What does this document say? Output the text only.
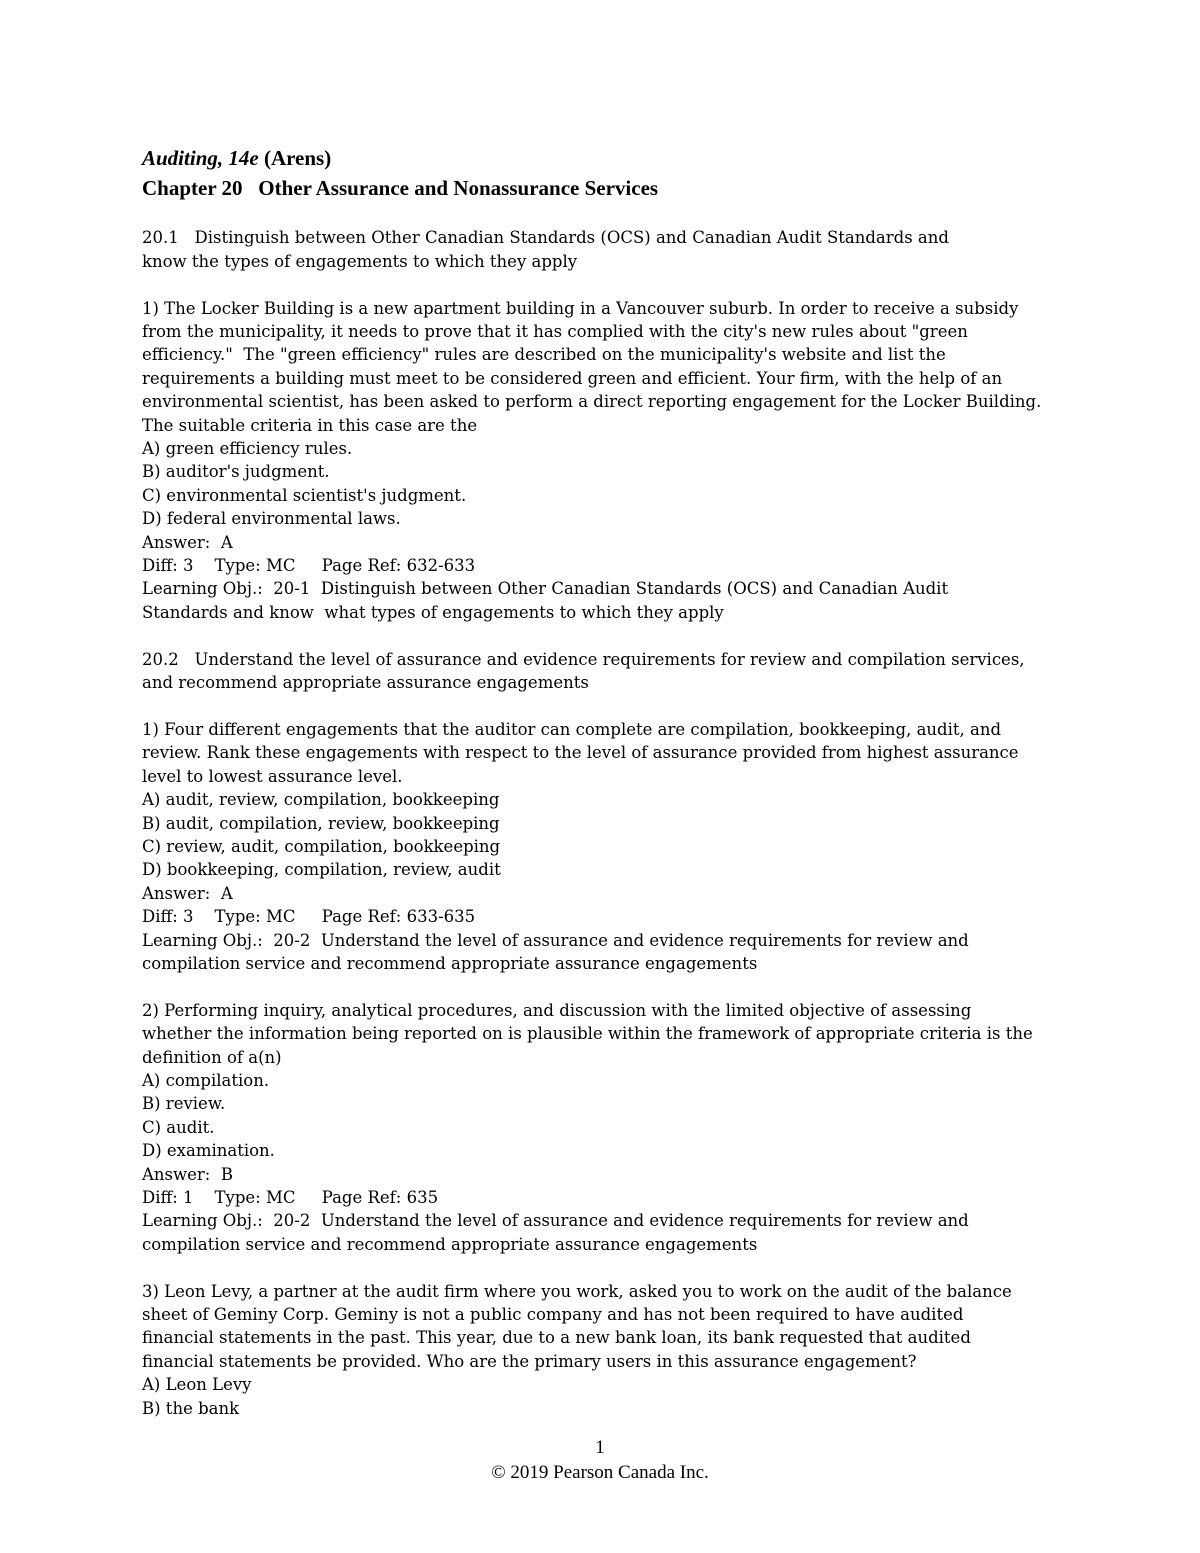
Auditing, 14e (Arens)
Chapter 20   Other Assurance and Nonassurance Services
20.1   Distinguish between Other Canadian Standards (OCS) and Canadian Audit Standards and
know the types of engagements to which they apply
1) The Locker Building is a new apartment building in a Vancouver suburb. In order to receive a subsidy
from the municipality, it needs to prove that it has complied with the city's new rules about "green
efficiency."  The "green efficiency" rules are described on the municipality's website and list the
requirements a building must meet to be considered green and efficient. Your firm, with the help of an
environmental scientist, has been asked to perform a direct reporting engagement for the Locker Building.
The suitable criteria in this case are the
A) green efficiency rules.
B) auditor's judgment.
C) environmental scientist's judgment.
D) federal environmental laws.
Answer:  A
Diff: 3    Type: MC     Page Ref: 632-633
Learning Obj.:  20-1  Distinguish between Other Canadian Standards (OCS) and Canadian Audit
Standards and know  what types of engagements to which they apply
20.2   Understand the level of assurance and evidence requirements for review and compilation services,
and recommend appropriate assurance engagements
1) Four different engagements that the auditor can complete are compilation, bookkeeping, audit, and
review. Rank these engagements with respect to the level of assurance provided from highest assurance
level to lowest assurance level.
A) audit, review, compilation, bookkeeping
B) audit, compilation, review, bookkeeping
C) review, audit, compilation, bookkeeping
D) bookkeeping, compilation, review, audit
Answer:  A
Diff: 3    Type: MC     Page Ref: 633-635
Learning Obj.:  20-2  Understand the level of assurance and evidence requirements for review and
compilation service and recommend appropriate assurance engagements
2) Performing inquiry, analytical procedures, and discussion with the limited objective of assessing
whether the information being reported on is plausible within the framework of appropriate criteria is the
definition of a(n)
A) compilation.
B) review.
C) audit.
D) examination.
Answer:  B
Diff: 1    Type: MC     Page Ref: 635
Learning Obj.:  20-2  Understand the level of assurance and evidence requirements for review and
compilation service and recommend appropriate assurance engagements
3) Leon Levy, a partner at the audit firm where you work, asked you to work on the audit of the balance
sheet of Geminy Corp. Geminy is not a public company and has not been required to have audited
financial statements in the past. This year, due to a new bank loan, its bank requested that audited
financial statements be provided. Who are the primary users in this assurance engagement?
A) Leon Levy
B) the bank
1
© 2019 Pearson Canada Inc.
